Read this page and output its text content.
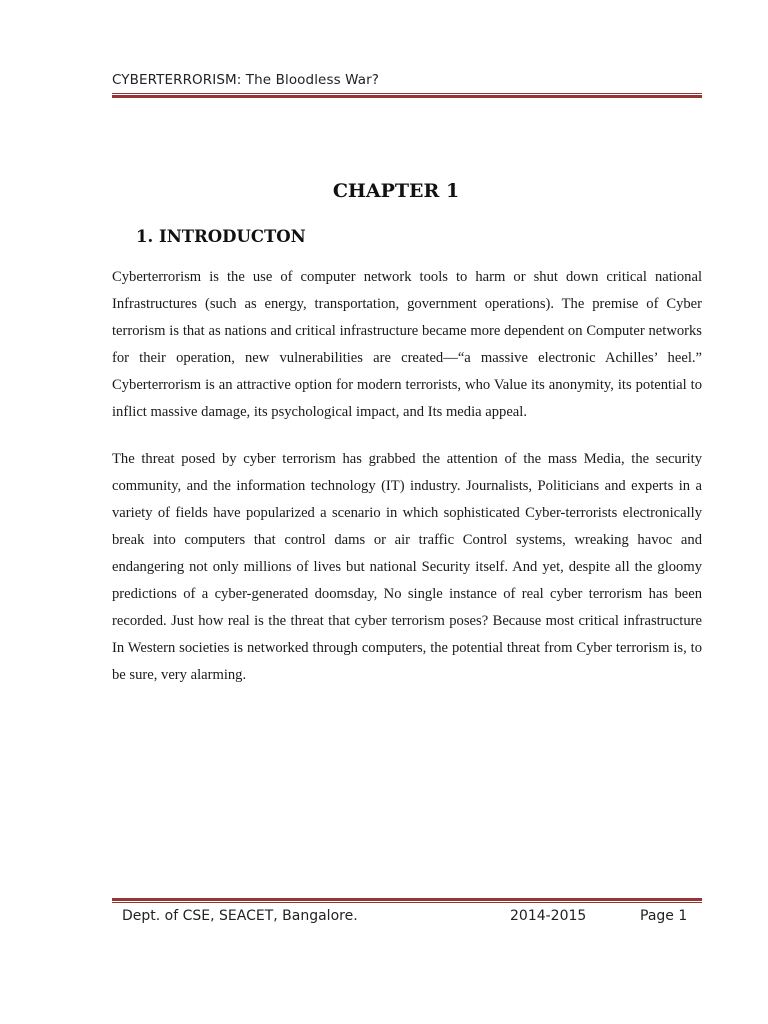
CYBERTERRORISM: The Bloodless War?
CHAPTER 1
1. INTRODUCTON

Cyberterrorism is the use of computer network tools to harm or shut down critical national Infrastructures (such as energy, transportation, government operations). The premise of Cyber terrorism is that as nations and critical infrastructure became more dependent on Computer networks for their operation, new vulnerabilities are created—“a massive electronic Achilles’ heel.” Cyberterrorism is an attractive option for modern terrorists, who Value its anonymity, its potential to inflict massive damage, its psychological impact, and Its media appeal.

The threat posed by cyber terrorism has grabbed the attention of the mass Media, the security community, and the information technology (IT) industry. Journalists, Politicians and experts in a variety of fields have popularized a scenario in which sophisticated Cyber-terrorists electronically break into computers that control dams or air traffic Control systems, wreaking havoc and endangering not only millions of lives but national Security itself. And yet, despite all the gloomy predictions of a cyber-generated doomsday, No single instance of real cyber terrorism has been recorded. Just how real is the threat that cyber terrorism poses? Because most critical infrastructure In Western societies is networked through computers, the potential threat from Cyber terrorism is, to be sure, very alarming.

Dept. of CSE, SEACET, Bangalore.	2014-2015	Page 1
